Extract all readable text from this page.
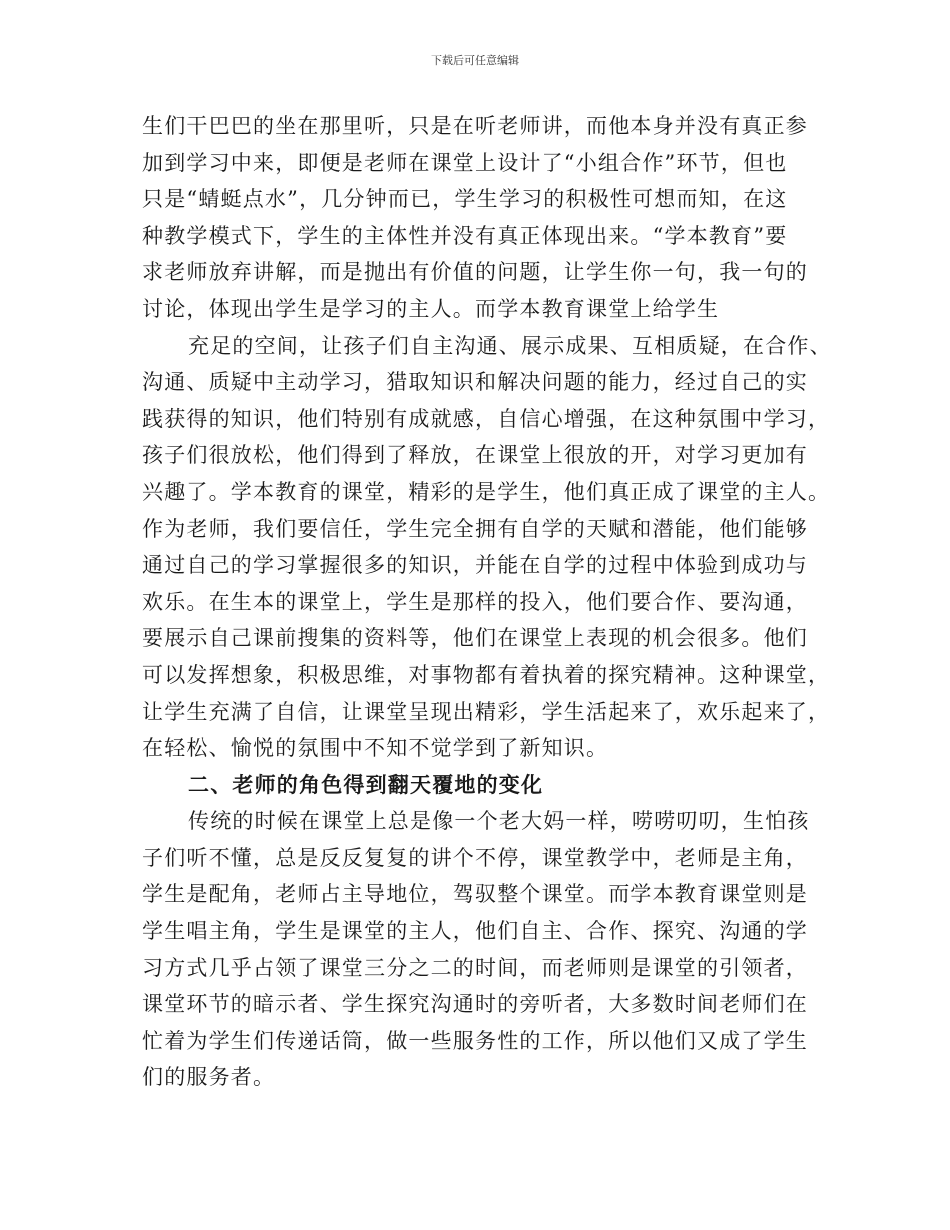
下载后可任意编辑
生们干巴巴的坐在那里听，只是在听老师讲，而他本身并没有真正参
加到学习中来，即便是老师在课堂上设计了“小组合作”环节，但也
只是“蜻蜓点水”，几分钟而已，学生学习的积极性可想而知，在这
种教学模式下，学生的主体性并没有真正体现出来。“学本教育”要
求老师放弃讲解，而是抛出有价值的问题，让学生你一句，我一句的
讨论，体现出学生是学习的主人。而学本教育课堂上给学生
充足的空间，让孩子们自主沟通、展示成果、互相质疑，在合作、
沟通、质疑中主动学习，猎取知识和解决问题的能力，经过自己的实
践获得的知识，他们特别有成就感，自信心增强，在这种氛围中学习，
孩子们很放松，他们得到了释放，在课堂上很放的开，对学习更加有
兴趣了。学本教育的课堂，精彩的是学生，他们真正成了课堂的主人。
作为老师，我们要信任，学生完全拥有自学的天赋和潜能，他们能够
通过自己的学习掌握很多的知识，并能在自学的过程中体验到成功与
欢乐。在生本的课堂上，学生是那样的投入，他们要合作、要沟通，
要展示自己课前搜集的资料等，他们在课堂上表现的机会很多。他们
可以发挥想象，积极思维，对事物都有着执着的探究精神。这种课堂，
让学生充满了自信，让课堂呈现出精彩，学生活起来了，欢乐起来了，
在轻松、愉悦的氛围中不知不觉学到了新知识。
二、老师的角色得到翻天覆地的变化
传统的时候在课堂上总是像一个老大妈一样，唠唠叨叨，生怕孩
子们听不懂，总是反反复复的讲个不停，课堂教学中，老师是主角，
学生是配角，老师占主导地位，驾驭整个课堂。而学本教育课堂则是
学生唱主角，学生是课堂的主人，他们自主、合作、探究、沟通的学
习方式几乎占领了课堂三分之二的时间，而老师则是课堂的引领者，
课堂环节的暗示者、学生探究沟通时的旁听者，大多数时间老师们在
忙着为学生们传递话筒，做一些服务性的工作，所以他们又成了学生
们的服务者。
